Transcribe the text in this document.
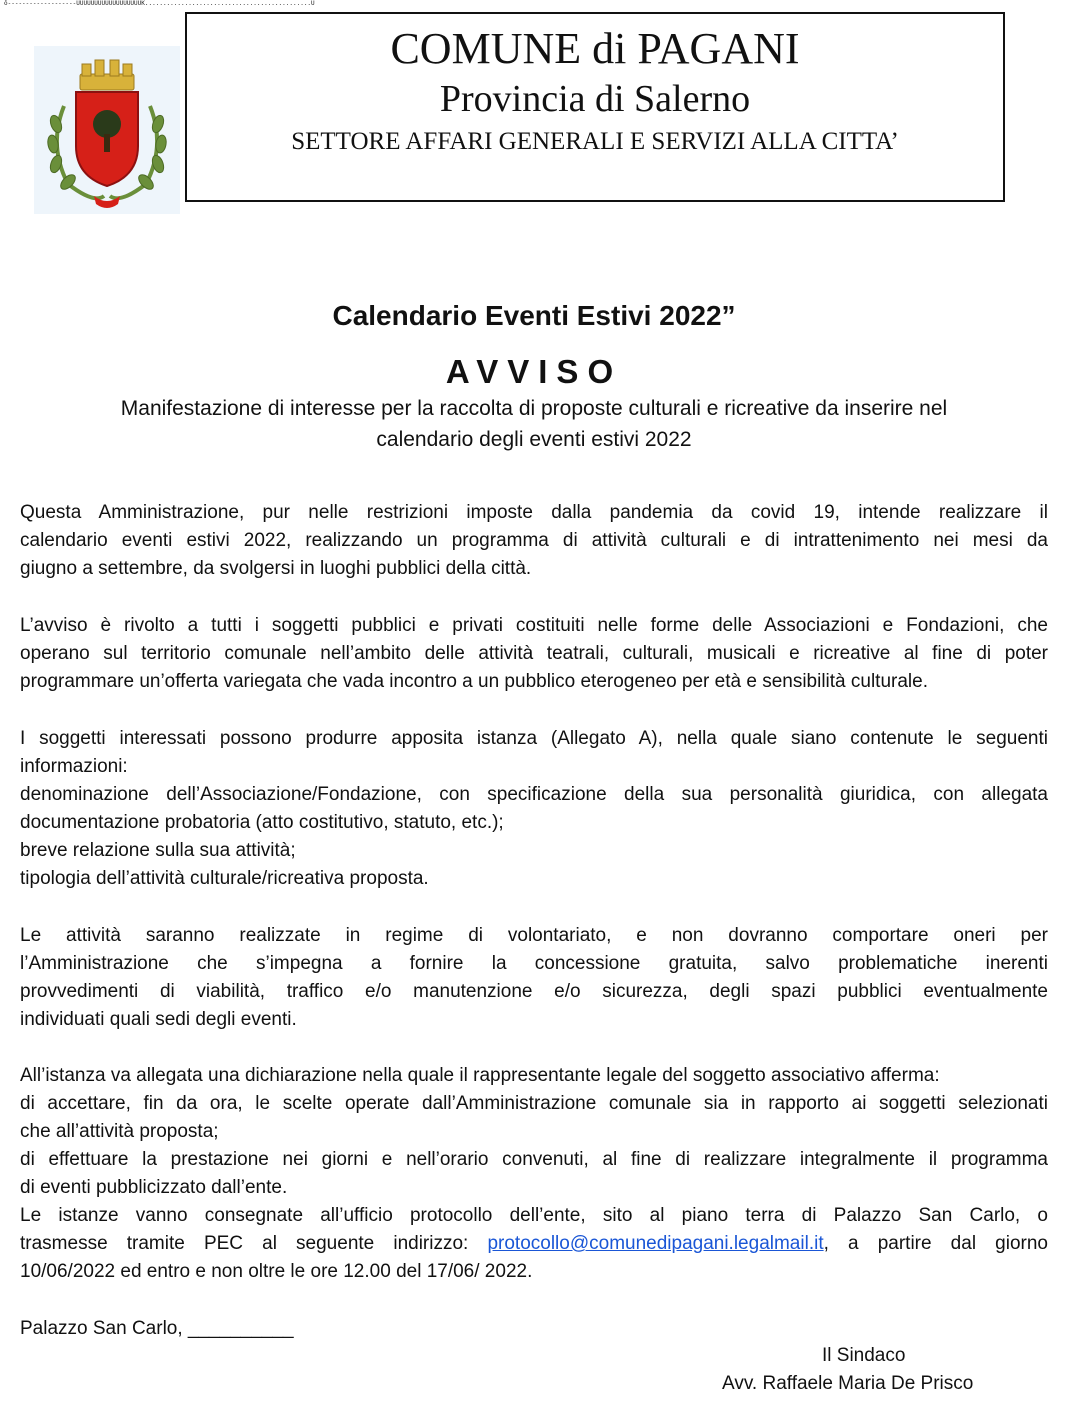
ô-------------------UUUUUUUUUUUUUUUUUUK..............................................U
COMUNE di PAGANI
Provincia di Salerno
SETTORE AFFARI GENERALI E SERVIZI ALLA CITTA’
Calendario Eventi Estivi 2022”
AVVISO
Manifestazione di interesse per la raccolta di proposte culturali e ricreative da inserire nel
calendario degli eventi estivi 2022
Questa Amministrazione, pur nelle restrizioni imposte dalla pandemia da covid 19, intende realizzare il
calendario eventi estivi 2022, realizzando un programma di attività culturali e di intrattenimento nei mesi da
giugno a settembre, da svolgersi in luoghi pubblici della città.
L’avviso è rivolto a tutti i soggetti pubblici e privati costituiti nelle forme delle Associazioni e Fondazioni, che
operano sul territorio comunale nell’ambito delle attività teatrali, culturali, musicali e ricreative al fine di poter
programmare un’offerta variegata che vada incontro a un pubblico eterogeneo per età e sensibilità culturale.
I soggetti interessati possono produrre apposita istanza (Allegato A), nella quale siano contenute le seguenti
informazioni:
denominazione dell’Associazione/Fondazione, con specificazione della sua personalità giuridica, con allegata
documentazione probatoria (atto costitutivo, statuto, etc.);
breve relazione sulla sua attività;
tipologia dell’attività culturale/ricreativa proposta.
Le attività saranno realizzate in regime di volontariato, e non dovranno comportare oneri per
l’Amministrazione che s’impegna a fornire la concessione gratuita, salvo problematiche inerenti
provvedimenti di viabilità, traffico e/o manutenzione e/o sicurezza, degli spazi pubblici eventualmente
individuati quali sedi degli eventi.
All’istanza va allegata una dichiarazione nella quale il rappresentante legale del soggetto associativo afferma:
di accettare, fin da ora, le scelte operate dall’Amministrazione comunale sia in rapporto ai soggetti selezionati
che all’attività proposta;
di effettuare la prestazione nei giorni e nell’orario convenuti, al fine di realizzare integralmente il programma
di eventi pubblicizzato dall’ente.
Le istanze vanno consegnate all’ufficio protocollo dell’ente, sito al piano terra di Palazzo San Carlo, o
trasmesse tramite PEC al seguente indirizzo: protocollo@comunedipagani.legalmail.it, a partire dal giorno
10/06/2022 ed entro e non oltre le ore 12.00 del 17/06/ 2022.
Palazzo San Carlo, __________
Il Sindaco
Avv. Raffaele Maria De Prisco
